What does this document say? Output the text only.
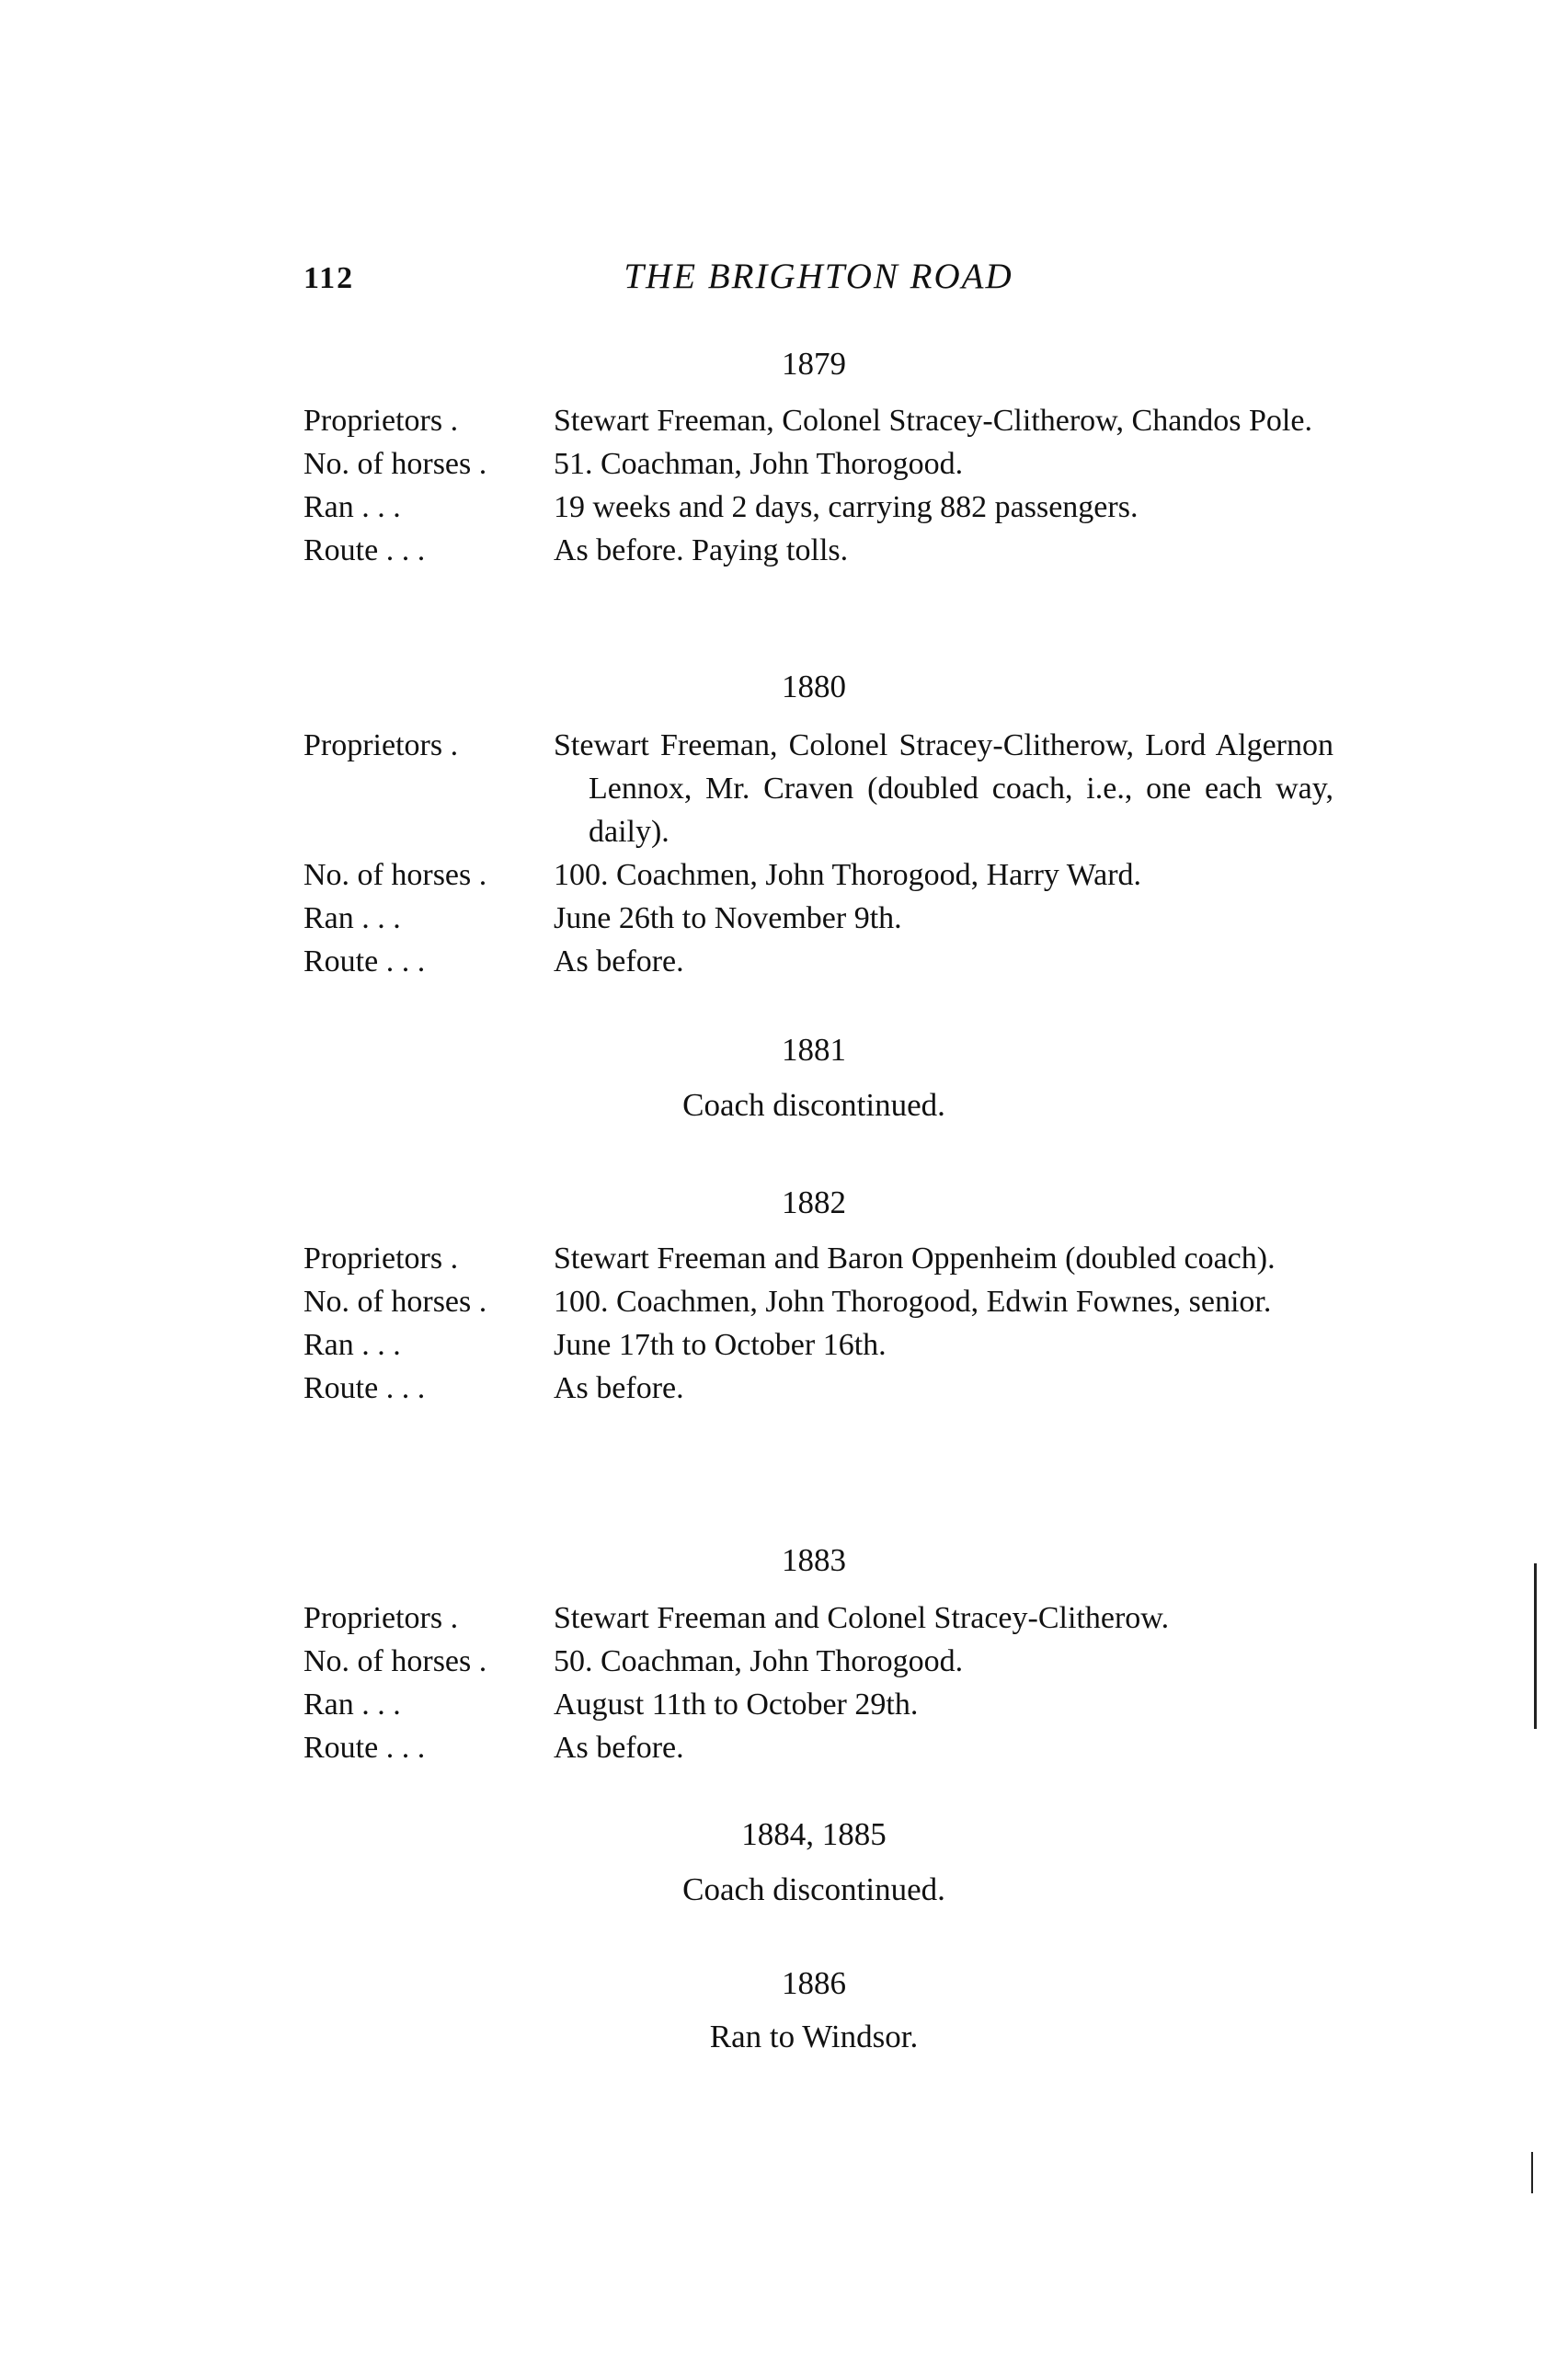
112	THE BRIGHTON ROAD
1879
Proprietors .	Stewart Freeman, Colonel Stracey-Clitherow, Chandos Pole.
No. of horses .	51. Coachman, John Thorogood.
Ran . . .	19 weeks and 2 days, carrying 882 passengers.
Route . . .	As before. Paying tolls.
1880
Proprietors .	Stewart Freeman, Colonel Stracey-Clitherow, Lord Algernon Lennox, Mr. Craven (doubled coach, i.e., one each way, daily).
No. of horses .	100. Coachmen, John Thorogood, Harry Ward.
Ran . . .	June 26th to November 9th.
Route . . .	As before.
1881
Coach discontinued.
1882
Proprietors .	Stewart Freeman and Baron Oppenheim (doubled coach).
No. of horses .	100. Coachmen, John Thorogood, Edwin Fownes, senior.
Ran . . .	June 17th to October 16th.
Route . . .	As before.
1883
Proprietors .	Stewart Freeman and Colonel Stracey-Clitherow.
No. of horses .	50. Coachman, John Thorogood.
Ran . . .	August 11th to October 29th.
Route . . .	As before.
1884, 1885
Coach discontinued.
1886
Ran to Windsor.
